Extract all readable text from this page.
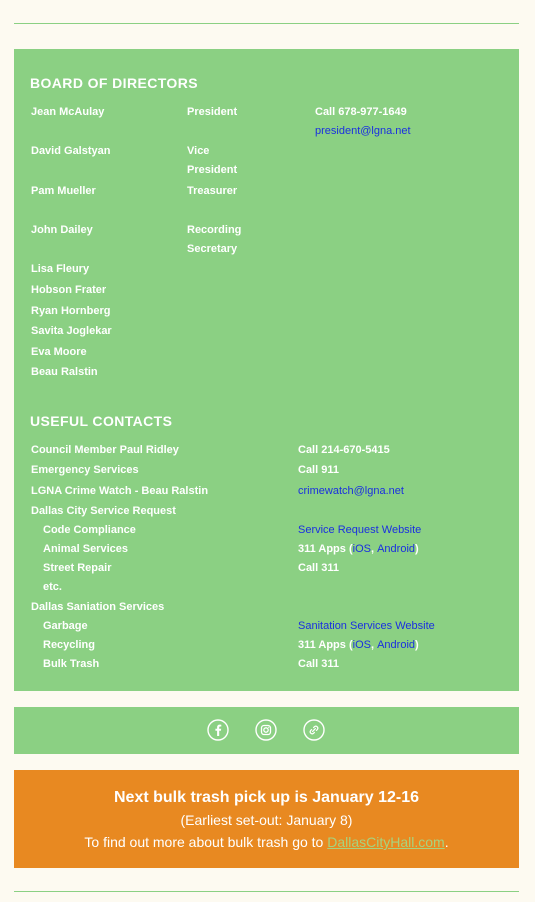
BOARD OF DIRECTORS
Jean McAulay	President	Call 678-977-1649
president@lgna.net
David Galstyan	Vice President
Pam Mueller	Treasurer
John Dailey	Recording Secretary
Lisa Fleury
Hobson Frater
Ryan Hornberg
Savita Joglekar
Eva Moore
Beau Ralstin
USEFUL CONTACTS
Council Member Paul Ridley	Call 214-670-5415
Emergency Services	Call 911
LGNA Crime Watch - Beau Ralstin	crimewatch@lgna.net
Dallas City Service Request
Code Compliance	Service Request Website
Animal Services	311 Apps (iOS, Android)
Street Repair	Call 311
etc.
Dallas Saniation Services
Garbage	Sanitation Services Website
Recycling	311 Apps (iOS, Android)
Bulk Trash	Call 311
Next bulk trash pick up is January 12-16
(Earliest set-out: January 8)
To find out more about bulk trash go to DallasCityHall.com.
